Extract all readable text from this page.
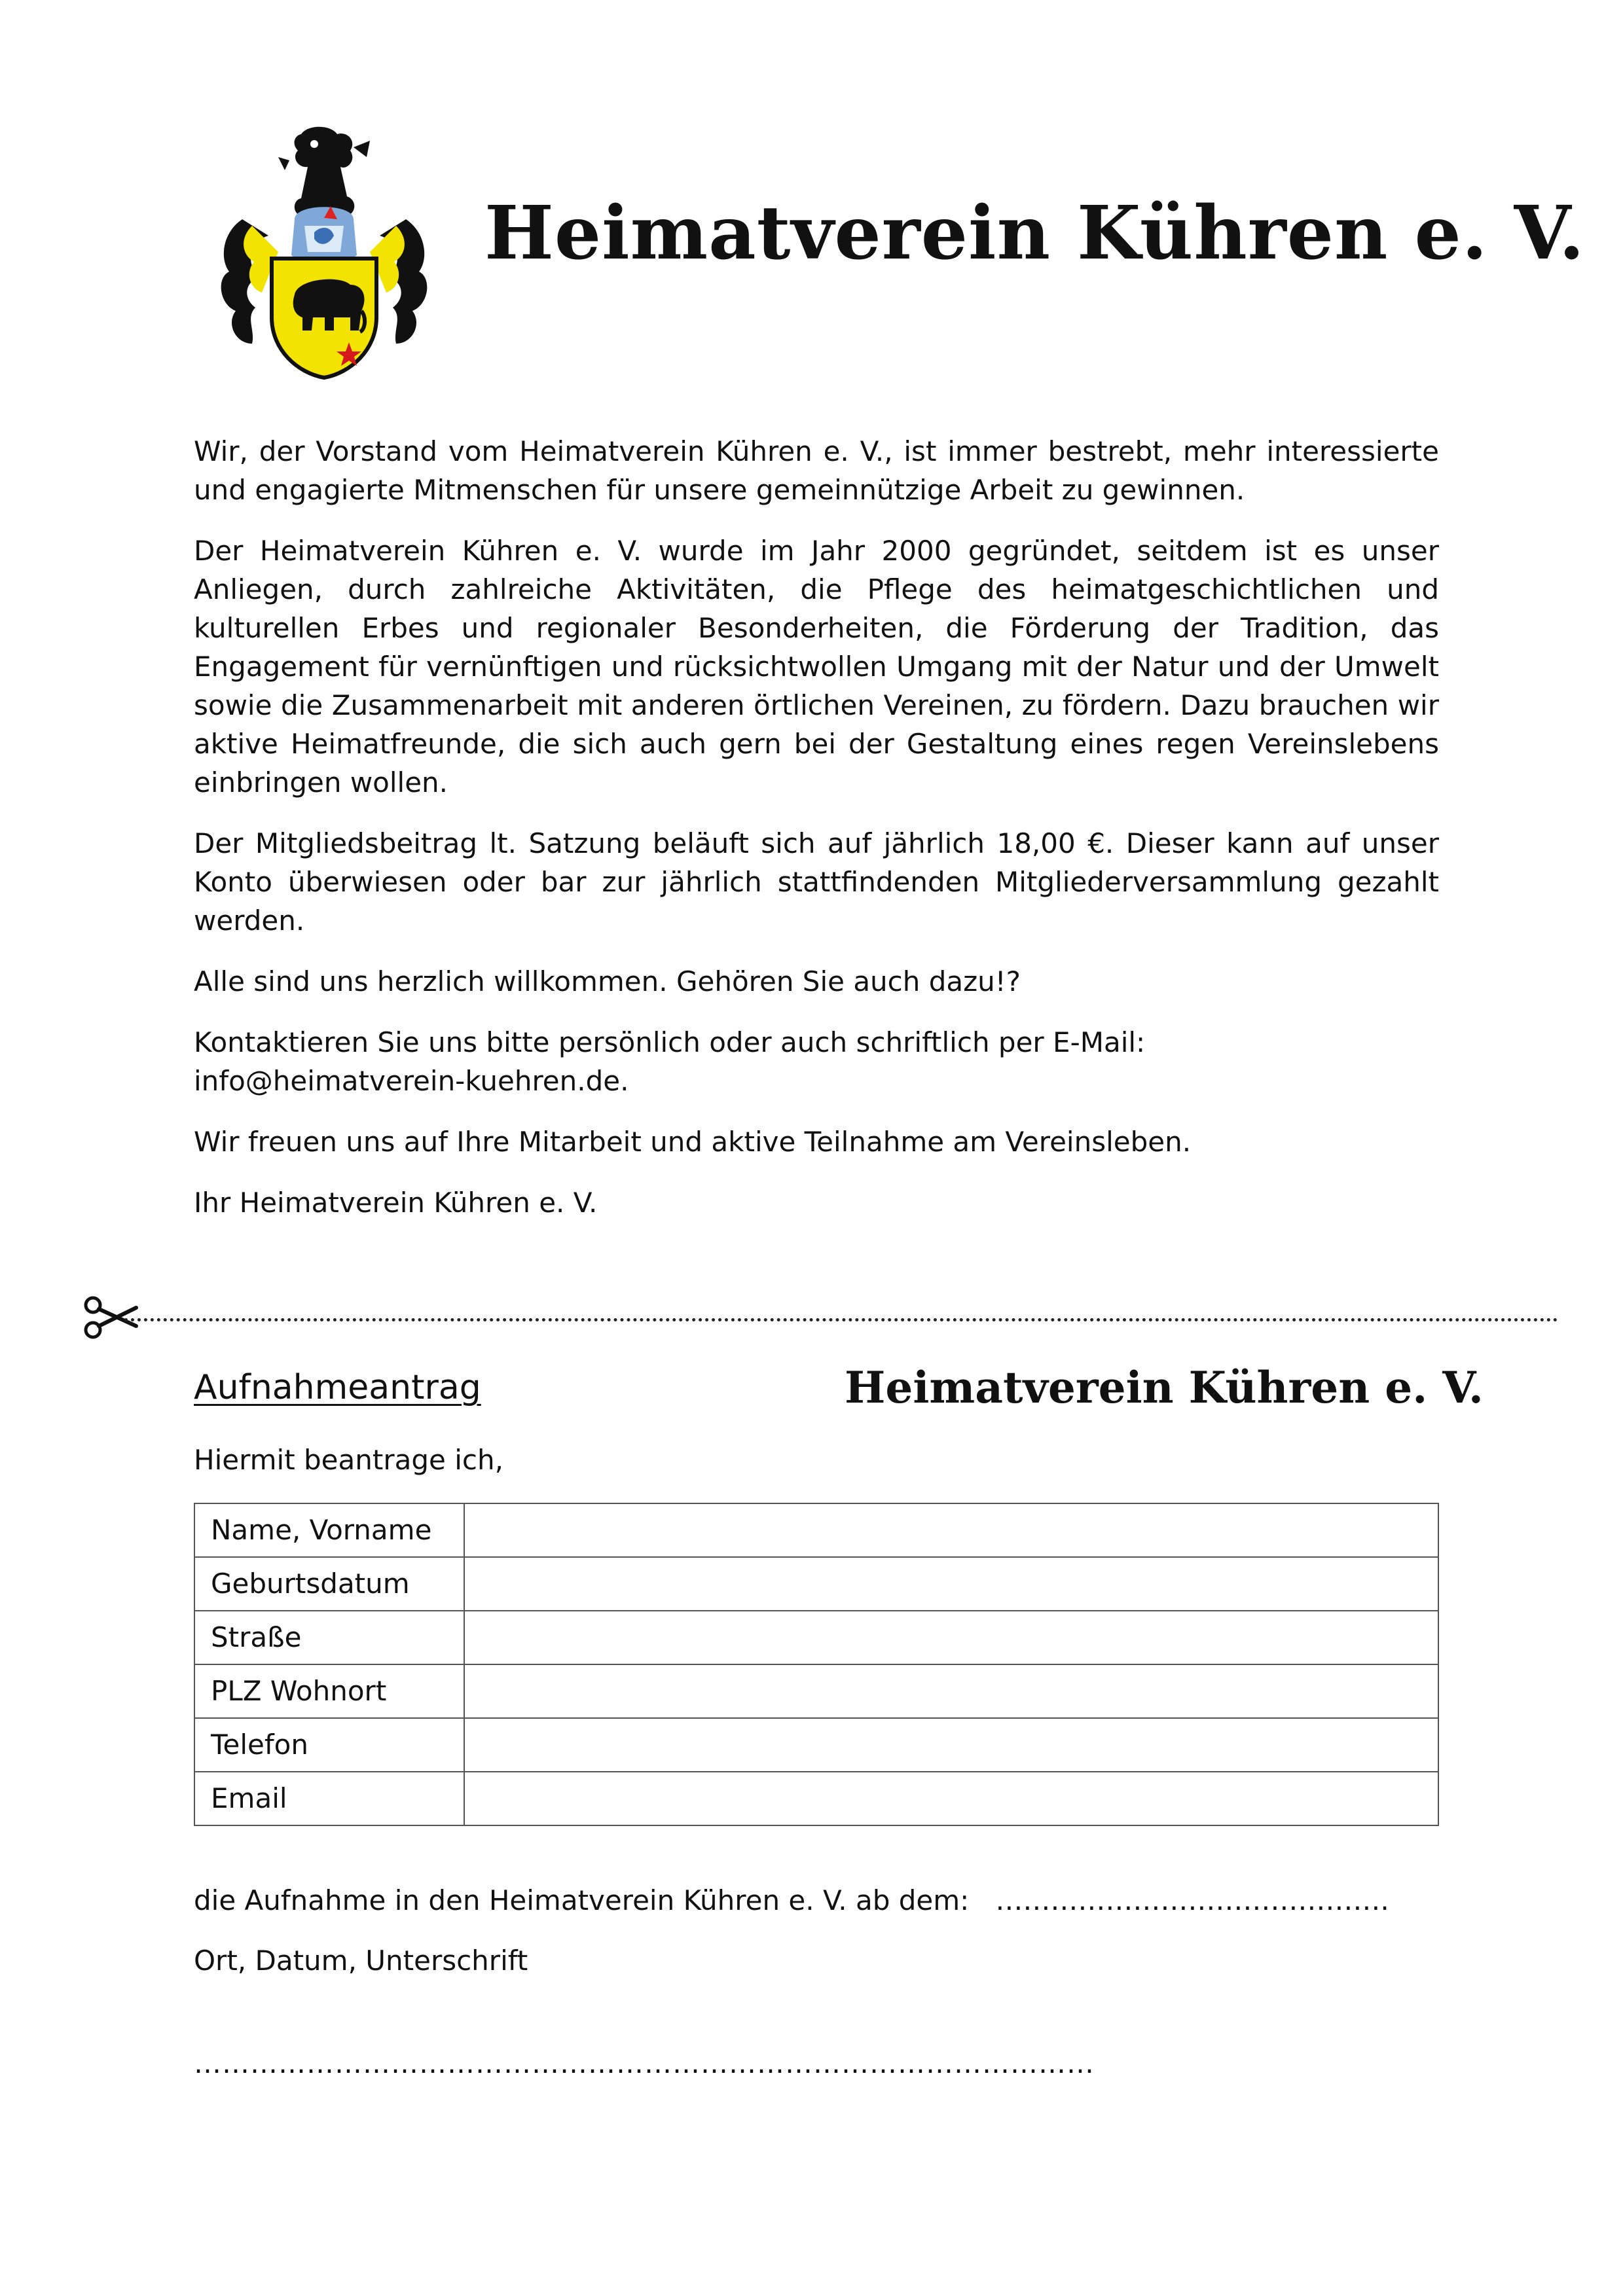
Heimatverein Kühren e. V.

Wir, der Vorstand vom Heimatverein Kühren e. V., ist immer bestrebt, mehr interessierte und engagierte Mitmenschen für unsere gemeinnützige Arbeit zu gewinnen.

Der Heimatverein Kühren e. V. wurde im Jahr 2000 gegründet, seitdem ist es unser Anliegen, durch zahlreiche Aktivitäten, die Pflege des heimatgeschichtlichen und kulturellen Erbes und regionaler Besonderheiten, die Förderung der Tradition, das Engagement für vernünftigen und rücksichtwollen Umgang mit der Natur und der Umwelt sowie die Zusammenarbeit mit anderen örtlichen Vereinen, zu fördern. Dazu brauchen wir aktive Heimatfreunde, die sich auch gern bei der Gestaltung eines regen Vereinslebens einbringen wollen.

Der Mitgliedsbeitrag lt. Satzung beläuft sich auf jährlich 18,00 €. Dieser kann auf unser Konto überwiesen oder bar zur jährlich stattfindenden Mitgliederversammlung gezahlt werden.

Alle sind uns herzlich willkommen. Gehören Sie auch dazu!?

Kontaktieren Sie uns bitte persönlich oder auch schriftlich per E-Mail:
info@heimatverein-kuehren.de.

Wir freuen uns auf Ihre Mitarbeit und aktive Teilnahme am Vereinsleben.

Ihr Heimatverein Kühren e. V.

Aufnahmeantrag	Heimatverein Kühren e. V.
Hiermit beantrage ich,
Name, Vorname	
Geburtsdatum	
Straße	
PLZ Wohnort	
Telefon	
Email	
die Aufnahme in den Heimatverein Kühren e. V. ab dem: …………………………………….
Ort, Datum, Unterschrift
……………………………………………………………………………………
